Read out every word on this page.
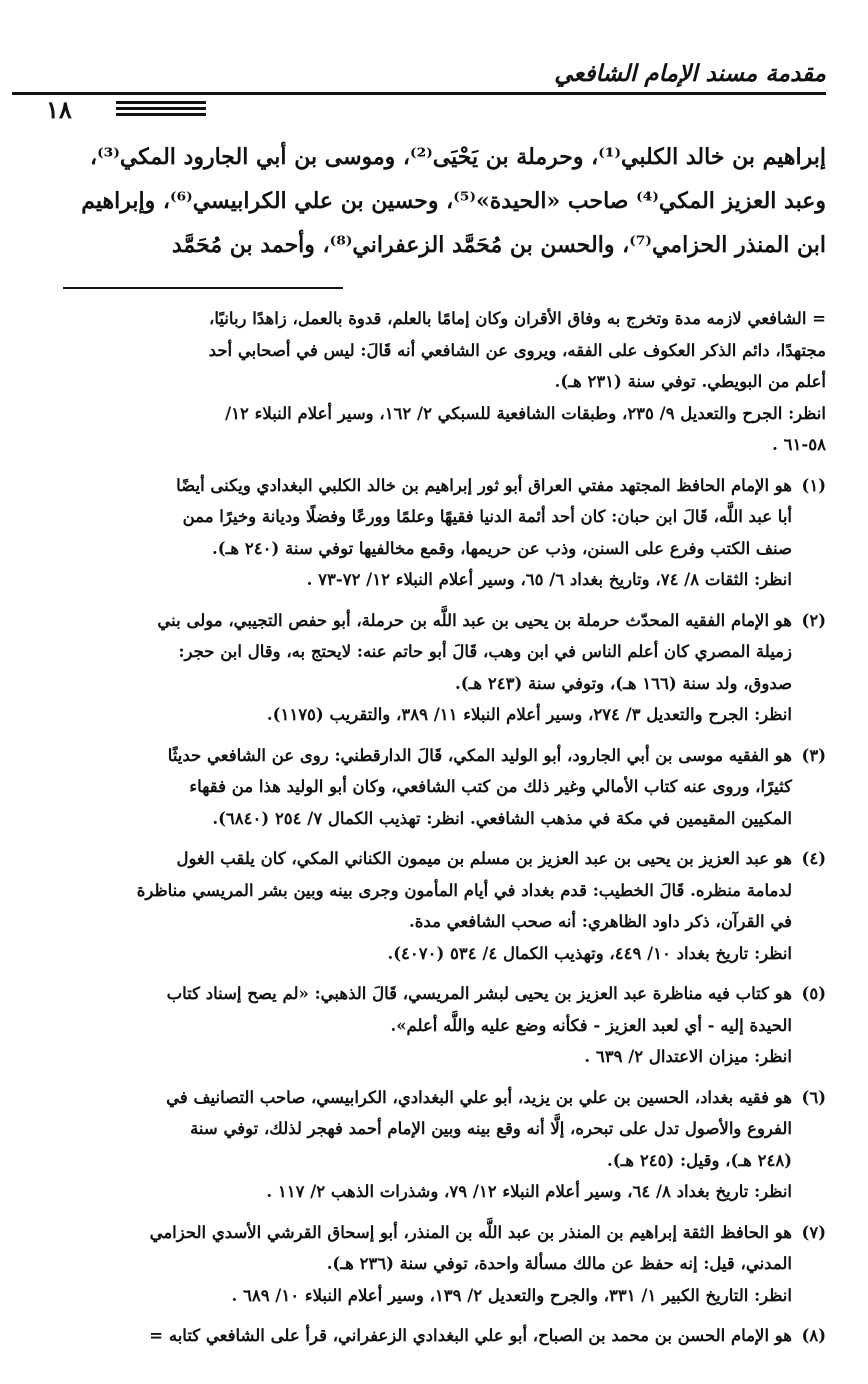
مقدمة مسند الإمام الشافعي
١٨
إبراهيم بن خالد الكلبي⁽¹⁾، وحرملة بن يَحْيَى⁽²⁾، وموسى بن أبي الجارود المكي⁽³⁾،
وعبد العزيز المكي⁽⁴⁾ صاحب «الحيدة»⁽⁵⁾، وحسين بن علي الكرابيسي⁽⁶⁾، وإبراهيم
ابن المنذر الحزامي⁽⁷⁾، والحسن بن مُحَمَّد الزعفراني⁽⁸⁾، وأحمد بن مُحَمَّد
= الشافعي لازمه مدة وتخرج به وفاق الأقران وكان إمامًا بالعلم، قدوة بالعمل، زاهدًا ربانيًا،
مجتهدًا، دائم الذكر العكوف على الفقه، ويروى عن الشافعي أنه قَالَ: ليس في أصحابي أحد
أعلم من البويطي. توفي سنة (٢٣١ هـ).
انظر: الجرح والتعديل ٩/ ٢٣٥، وطبقات الشافعية للسبكي ٢/ ١٦٢، وسير أعلام النبلاء ١٢/
٥٨-٦١ .
(١)هو الإمام الحافظ المجتهد مفتي العراق أبو ثور إبراهيم بن خالد الكلبي البغدادي ويكنى أيضًا
أبا عبد اللَّه، قَالَ ابن حبان: كان أحد أئمة الدنيا فقيهًا وعلمًا وورعًا وفضلًا وديانة وخيرًا ممن
صنف الكتب وفرع على السنن، وذب عن حريمها، وقمع مخالفيها توفي سنة (٢٤٠ هـ).
انظر: الثقات ٨/ ٧٤، وتاريخ بغداد ٦/ ٦٥، وسير أعلام النبلاء ١٢/ ٧٢-٧٣ .
(٢)هو الإمام الفقيه المحدّث حرملة بن يحيى بن عبد اللَّه بن حرملة، أبو حفص التجيبي، مولى بني
زميلة المصري كان أعلم الناس في ابن وهب، قَالَ أبو حاتم عنه: لايحتج به، وقال ابن حجر:
صدوق، ولد سنة (١٦٦ هـ)، وتوفي سنة (٢٤٣ هـ).
انظر: الجرح والتعديل ٣/ ٢٧٤، وسير أعلام النبلاء ١١/ ٣٨٩، والتقريب (١١٧٥).
(٣)هو الفقيه موسى بن أبي الجارود، أبو الوليد المكي، قَالَ الدارقطني: روى عن الشافعي حديثًا
كثيرًا، وروى عنه كتاب الأمالي وغير ذلك من كتب الشافعي، وكان أبو الوليد هذا من فقهاء
المكيين المقيمين في مكة في مذهب الشافعي. انظر: تهذيب الكمال ٧/ ٢٥٤ (٦٨٤٠).
(٤)هو عبد العزيز بن يحيى بن عبد العزيز بن مسلم بن ميمون الكناني المكي، كان يلقب الغول
لدمامة منظره. قَالَ الخطيب: قدم بغداد في أيام المأمون وجرى بينه وبين بشر المريسي مناظرة
في القرآن، ذكر داود الظاهري: أنه صحب الشافعي مدة.
انظر: تاريخ بغداد ١٠/ ٤٤٩، وتهذيب الكمال ٤/ ٥٣٤ (٤٠٧٠).
(٥)هو كتاب فيه مناظرة عبد العزيز بن يحيى لبشر المريسي، قَالَ الذهبي: «لم يصح إسناد كتاب
الحيدة إليه - أي لعبد العزيز - فكأنه وضع عليه واللَّه أعلم».
انظر: ميزان الاعتدال ٢/ ٦٣٩ .
(٦)هو فقيه بغداد، الحسين بن علي بن يزيد، أبو علي البغدادي، الكرابيسي، صاحب التصانيف في
الفروع والأصول تدل على تبحره، إلَّا أنه وقع بينه وبين الإمام أحمد فهجر لذلك، توفي سنة
(٢٤٨ هـ)، وقيل: (٢٤٥ هـ).
انظر: تاريخ بغداد ٨/ ٦٤، وسير أعلام النبلاء ١٢/ ٧٩، وشذرات الذهب ٢/ ١١٧ .
(٧)هو الحافظ الثقة إبراهيم بن المنذر بن عبد اللَّه بن المنذر، أبو إسحاق القرشي الأسدي الحزامي
المدني، قيل: إنه حفظ عن مالك مسألة واحدة، توفي سنة (٢٣٦ هـ).
انظر: التاريخ الكبير ١/ ٣٣١، والجرح والتعديل ٢/ ١٣٩، وسير أعلام النبلاء ١٠/ ٦٨٩ .
(٨)هو الإمام الحسن بن محمد بن الصباح، أبو علي البغدادي الزعفراني، قرأ على الشافعي كتابه =
